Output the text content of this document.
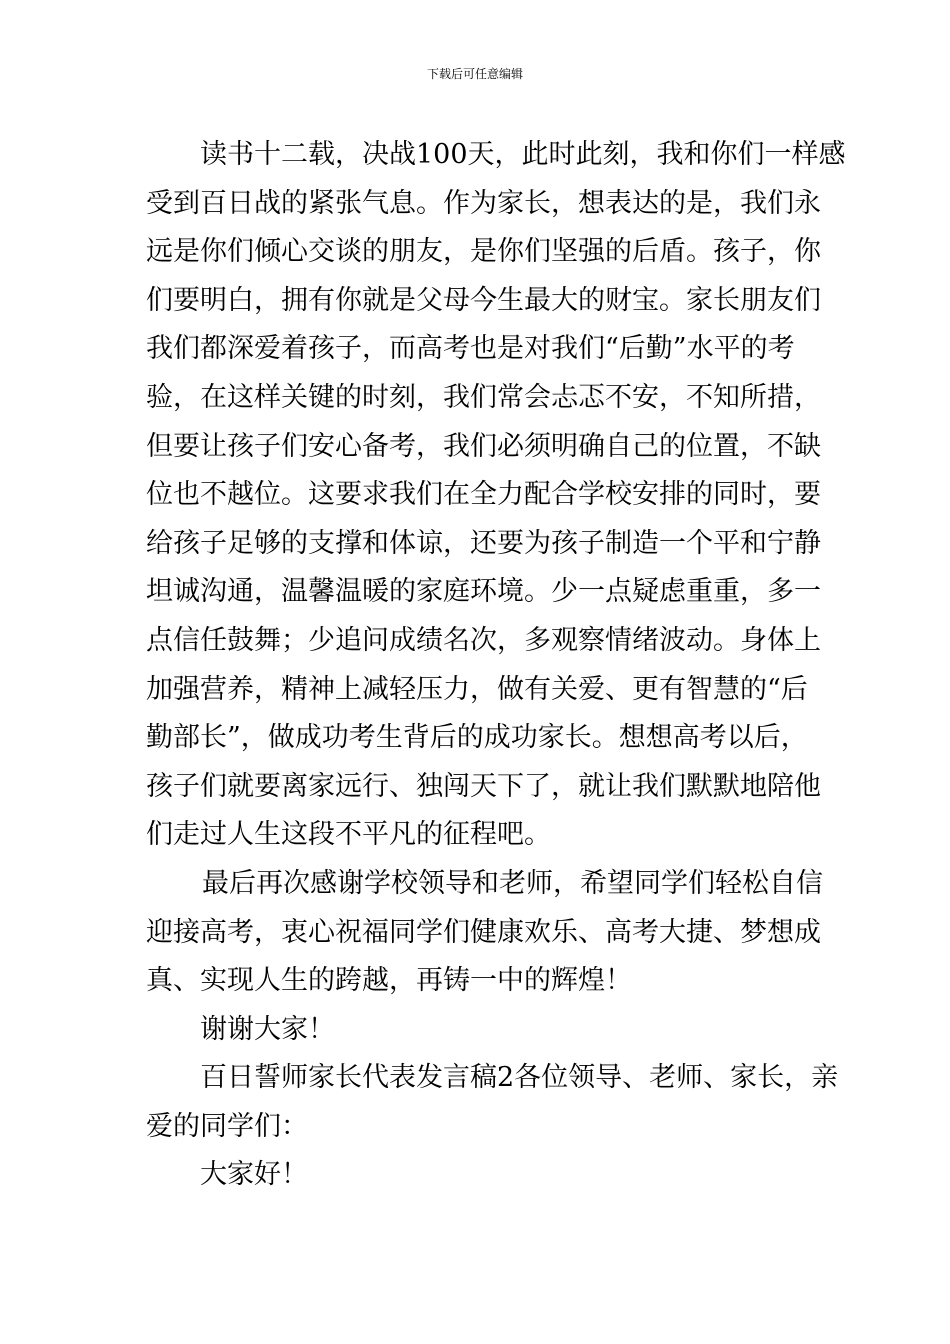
下载后可任意编辑

读书十二载，决战100天，此时此刻，我和你们一样感
受到百日战的紧张气息。作为家长，想表达的是，我们永
远是你们倾心交谈的朋友，是你们坚强的后盾。孩子，你
们要明白，拥有你就是父母今生最大的财宝。家长朋友们
我们都深爱着孩子，而高考也是对我们“后勤”水平的考
验，在这样关键的时刻，我们常会忐忑不安，不知所措，
但要让孩子们安心备考，我们必须明确自己的位置，不缺
位也不越位。这要求我们在全力配合学校安排的同时，要
给孩子足够的支撑和体谅，还要为孩子制造一个平和宁静
坦诚沟通，温馨温暖的家庭环境。少一点疑虑重重，多一
点信任鼓舞；少追问成绩名次，多观察情绪波动。身体上
加强营养，精神上减轻压力，做有关爱、更有智慧的“后
勤部长”，做成功考生背后的成功家长。想想高考以后，
孩子们就要离家远行、独闯天下了，就让我们默默地陪他
们走过人生这段不平凡的征程吧。

最后再次感谢学校领导和老师，希望同学们轻松自信
迎接高考，衷心祝福同学们健康欢乐、高考大捷、梦想成
真、实现人生的跨越，再铸一中的辉煌！

谢谢大家！

百日誓师家长代表发言稿2各位领导、老师、家长，亲
爱的同学们：

大家好！
